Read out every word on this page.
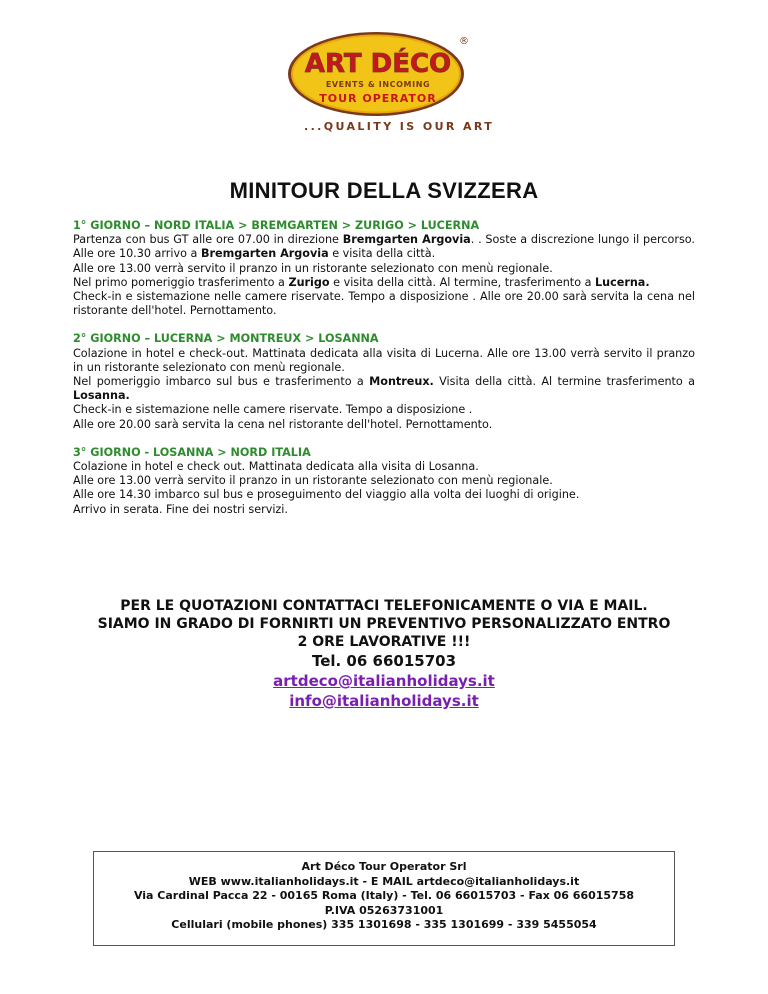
ART DÉCO
EVENTS & INCOMING
TOUR OPERATOR
®
...QUALITY IS OUR ART
MINITOUR DELLA SVIZZERA

1° GIORNO – NORD ITALIA > BREMGARTEN > ZURIGO > LUCERNA

Partenza con bus GT alle ore 07.00 in direzione Bremgarten Argovia. . Soste a discrezione lungo il percorso. Alle ore 10.30 arrivo a Bremgarten Argovia e visita della città.

Alle ore 13.00 verrà servito il pranzo in un ristorante selezionato con menù regionale.

Nel primo pomeriggio trasferimento a Zurigo e visita della città. Al termine, trasferimento a Lucerna.

Check-in e sistemazione nelle camere riservate. Tempo a disposizione . Alle ore 20.00 sarà servita la cena nel ristorante dell'hotel. Pernottamento.

2° GIORNO – LUCERNA > MONTREUX > LOSANNA

Colazione in hotel e check-out. Mattinata dedicata alla visita di Lucerna. Alle ore 13.00 verrà servito il pranzo in un ristorante selezionato con menù regionale.

Nel pomeriggio imbarco sul bus e trasferimento a Montreux. Visita della città. Al termine trasferimento a Losanna.

Check-in e sistemazione nelle camere riservate. Tempo a disposizione .

Alle ore 20.00 sarà servita la cena nel ristorante dell'hotel. Pernottamento.

3° GIORNO - LOSANNA > NORD ITALIA

Colazione in hotel e check out. Mattinata dedicata alla visita di Losanna.

Alle ore 13.00 verrà servito il pranzo in un ristorante selezionato con menù regionale.

Alle ore 14.30 imbarco sul bus e proseguimento del viaggio alla volta dei luoghi di origine.

Arrivo in serata. Fine dei nostri servizi.

PER LE QUOTAZIONI CONTATTACI TELEFONICAMENTE O VIA E MAIL.

SIAMO IN GRADO DI FORNIRTI UN PREVENTIVO PERSONALIZZATO ENTRO

2 ORE LAVORATIVE !!!

Tel. 06 66015703

artdeco@italianholidays.it

info@italianholidays.it

Art Déco Tour Operator Srl

WEB www.italianholidays.it - E MAIL artdeco@italianholidays.it

Via Cardinal Pacca 22 - 00165 Roma (Italy) - Tel. 06 66015703 - Fax 06 66015758

P.IVA 05263731001

Cellulari (mobile phones) 335 1301698 - 335 1301699 - 339 5455054
